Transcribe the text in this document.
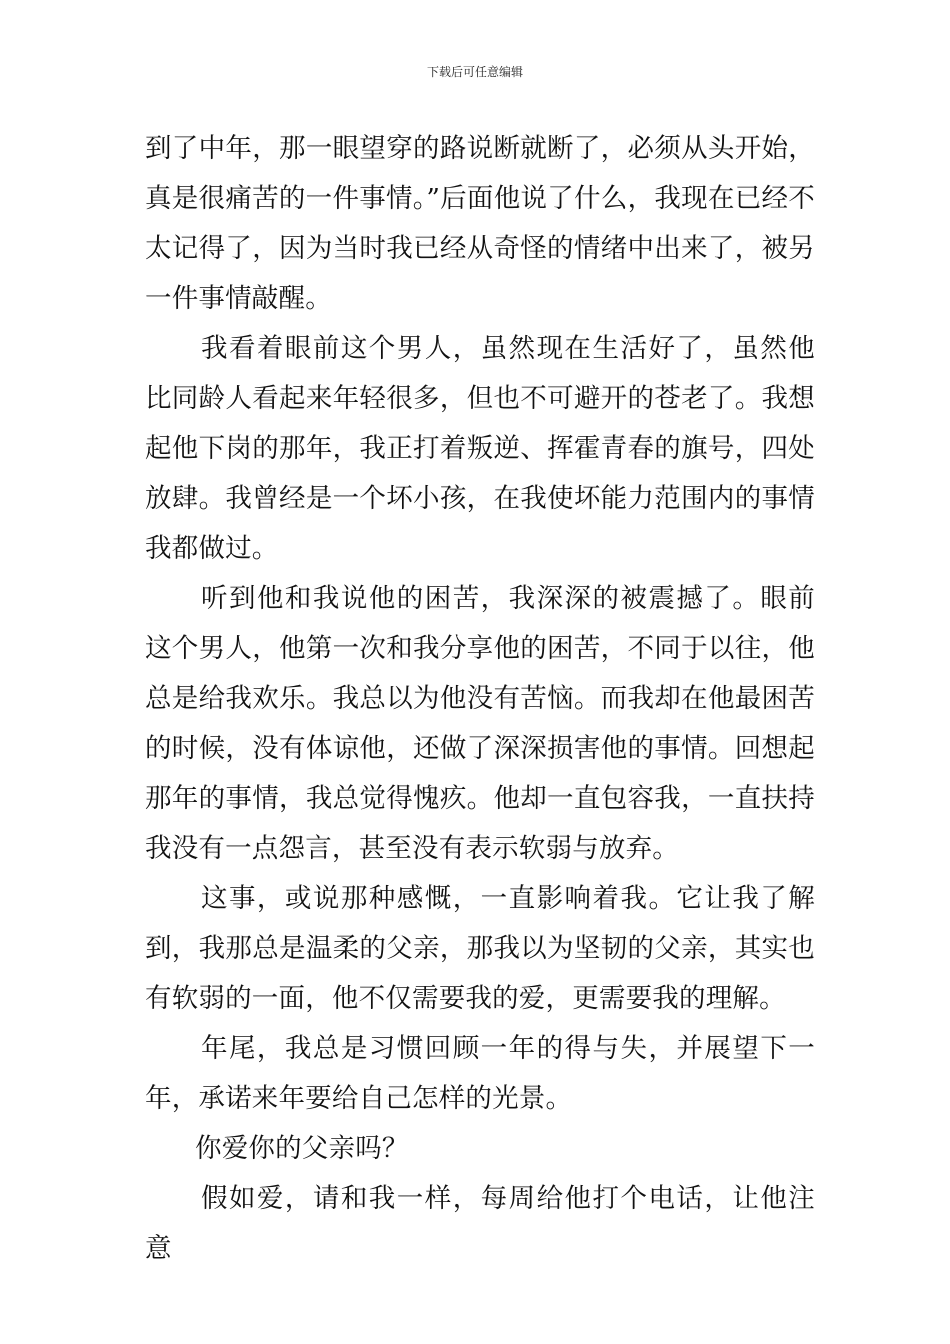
下载后可任意编辑

到了中年，那一眼望穿的路说断就断了，必须从头开始，真是很痛苦的一件事情。”后面他说了什么，我现在已经不太记得了，因为当时我已经从奇怪的情绪中出来了，被另一件事情敲醒。

我看着眼前这个男人，虽然现在生活好了，虽然他比同龄人看起来年轻很多，但也不可避开的苍老了。我想起他下岗的那年，我正打着叛逆、挥霍青春的旗号，四处放肆。我曾经是一个坏小孩，在我使坏能力范围内的事情我都做过。

听到他和我说他的困苦，我深深的被震撼了。眼前这个男人，他第一次和我分享他的困苦，不同于以往，他总是给我欢乐。我总以为他没有苦恼。而我却在他最困苦的时候，没有体谅他，还做了深深损害他的事情。回想起那年的事情，我总觉得愧疚。他却一直包容我，一直扶持我没有一点怨言，甚至没有表示软弱与放弃。

这事，或说那种感慨，一直影响着我。它让我了解到，我那总是温柔的父亲，那我以为坚韧的父亲，其实也有软弱的一面，他不仅需要我的爱，更需要我的理解。

年尾，我总是习惯回顾一年的得与失，并展望下一年，承诺来年要给自己怎样的光景。

你爱你的父亲吗？

假如爱，请和我一样，每周给他打个电话，让他注意
